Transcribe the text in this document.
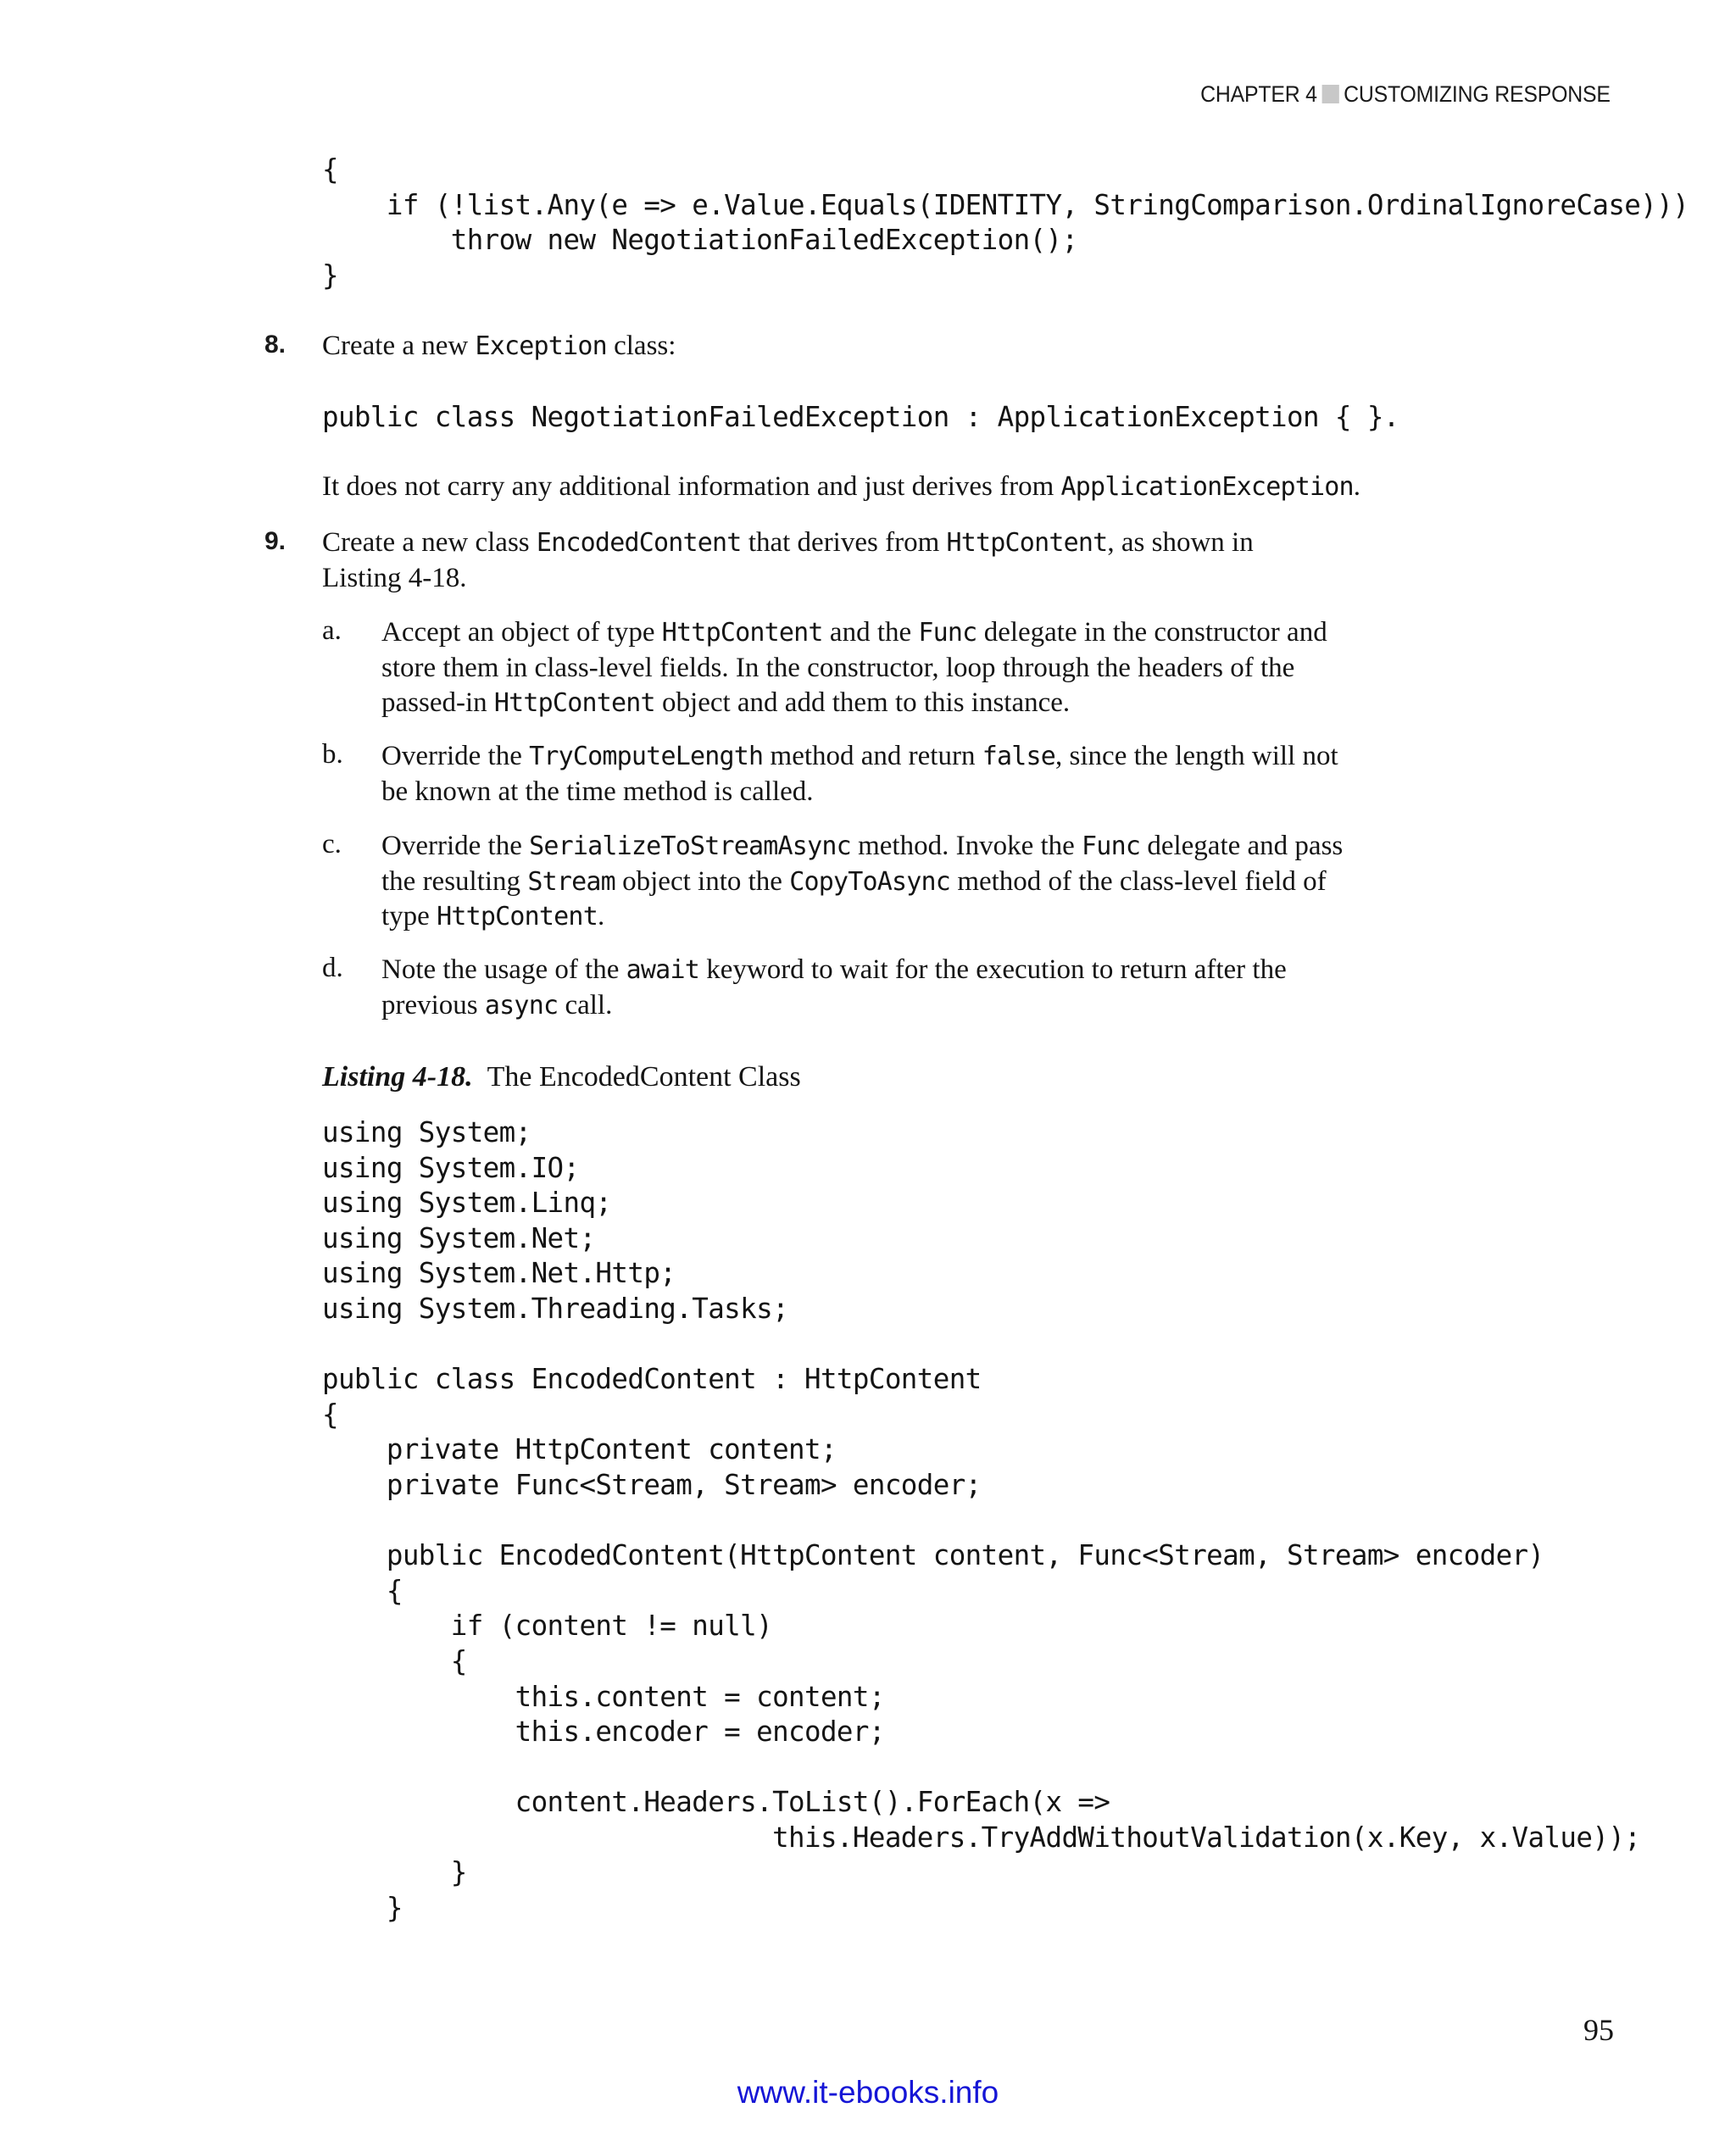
CHAPTER 4 CUSTOMIZING RESPONSE
{
if (!list.Any(e => e.Value.Equals(IDENTITY, StringComparison.OrdinalIgnoreCase)))
throw new NegotiationFailedException();
}
8. Create a new Exception class:
public class NegotiationFailedException : ApplicationException { }.
It does not carry any additional information and just derives from ApplicationException.
9. Create a new class EncodedContent that derives from HttpContent, as shown in
Listing 4-18.
a. Accept an object of type HttpContent and the Func delegate in the constructor and
store them in class-level fields. In the constructor, loop through the headers of the
passed-in HttpContent object and add them to this instance.
b. Override the TryComputeLength method and return false, since the length will not
be known at the time method is called.
c. Override the SerializeToStreamAsync method. Invoke the Func delegate and pass
the resulting Stream object into the CopyToAsync method of the class-level field of
type HttpContent.
d. Note the usage of the await keyword to wait for the execution to return after the
previous async call.
Listing 4-18. The EncodedContent Class
using System;
using System.IO;
using System.Linq;
using System.Net;
using System.Net.Http;
using System.Threading.Tasks;
public class EncodedContent : HttpContent
{
private HttpContent content;
private Func<Stream, Stream> encoder;
public EncodedContent(HttpContent content, Func<Stream, Stream> encoder)
{
if (content != null)
{
this.content = content;
this.encoder = encoder;
content.Headers.ToList().ForEach(x =>
this.Headers.TryAddWithoutValidation(x.Key, x.Value));
}
}
95
www.it-ebooks.info
